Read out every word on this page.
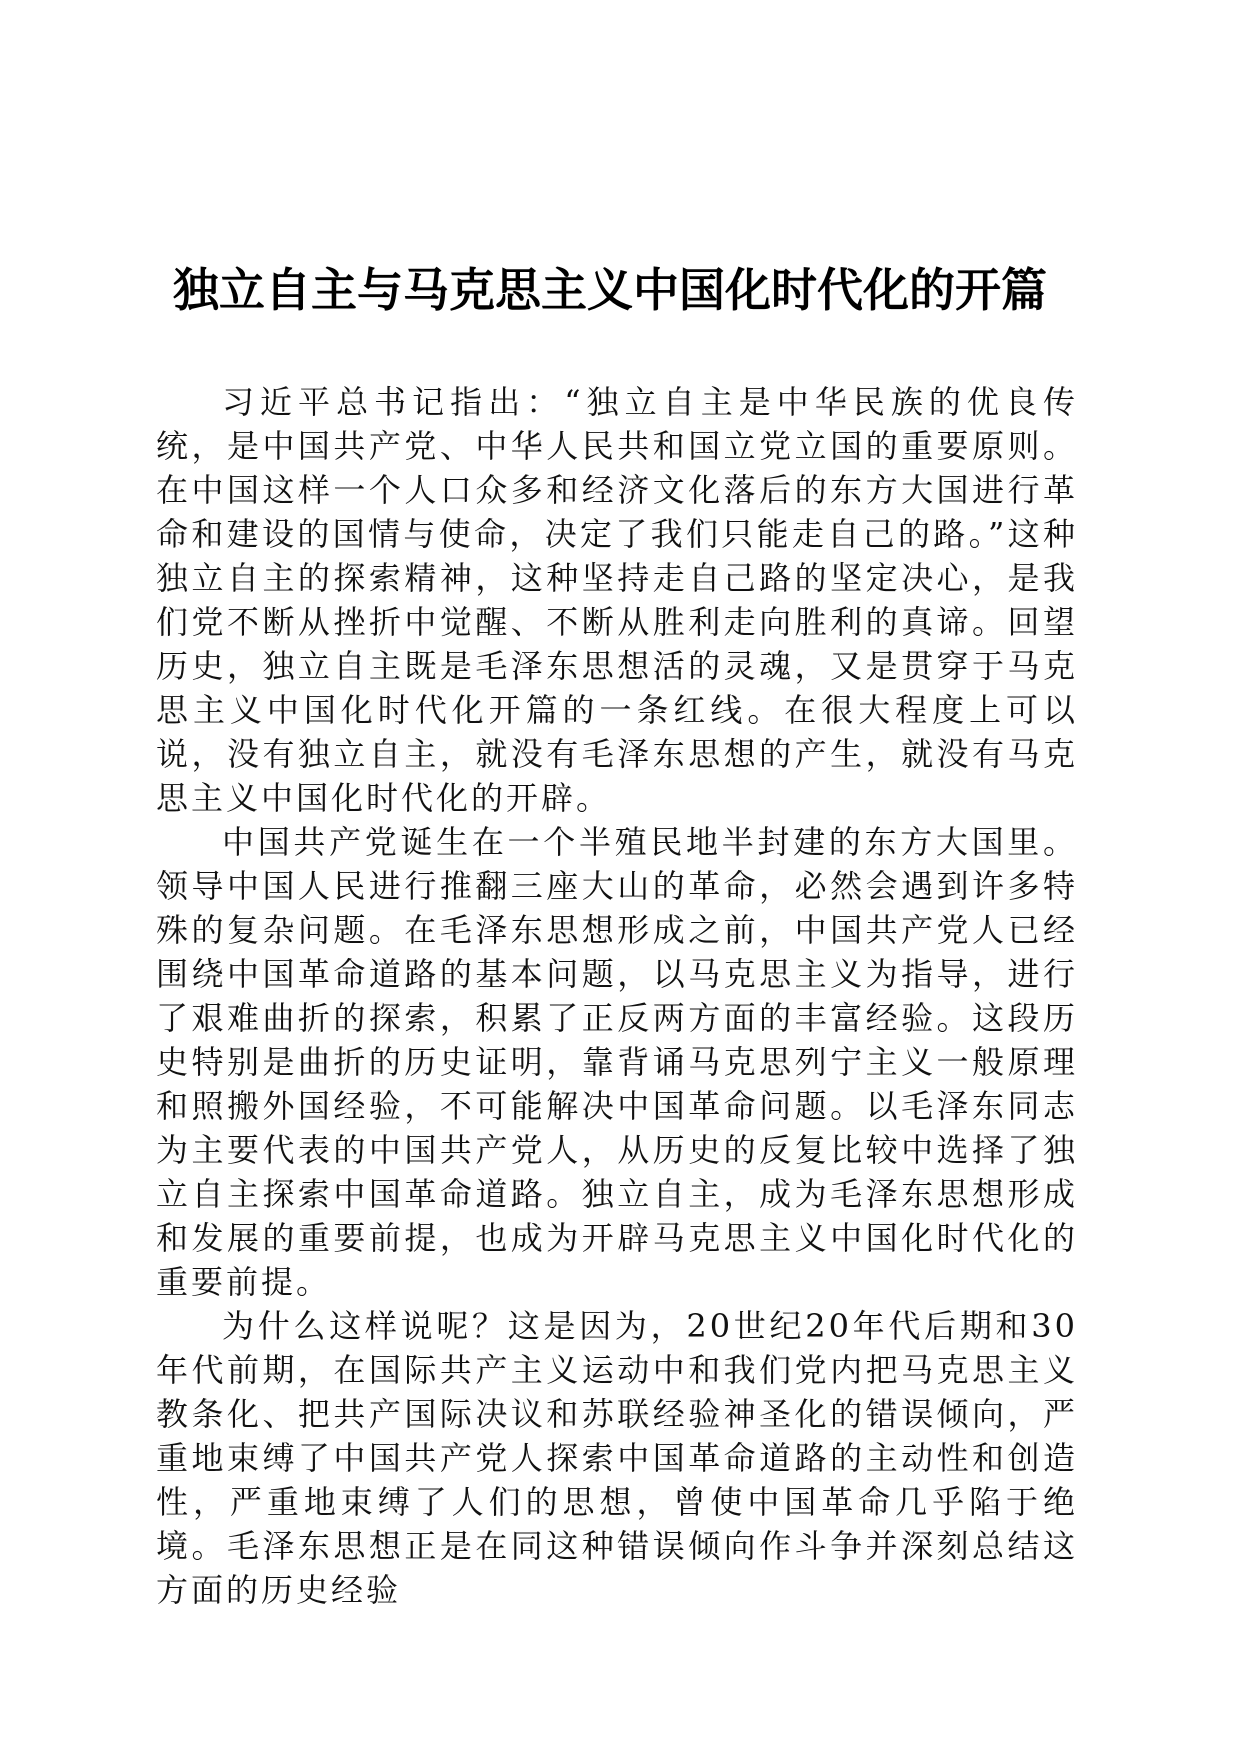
独立自主与马克思主义中国化时代化的开篇

习近平总书记指出：“独立自主是中华民族的优良传统，是中国共产党、中华人民共和国立党立国的重要原则。在中国这样一个人口众多和经济文化落后的东方大国进行革命和建设的国情与使命，决定了我们只能走自己的路。”这种独立自主的探索精神，这种坚持走自己路的坚定决心，是我们党不断从挫折中觉醒、不断从胜利走向胜利的真谛。回望历史，独立自主既是毛泽东思想活的灵魂，又是贯穿于马克思主义中国化时代化开篇的一条红线。在很大程度上可以说，没有独立自主，就没有毛泽东思想的产生，就没有马克思主义中国化时代化的开辟。

中国共产党诞生在一个半殖民地半封建的东方大国里。领导中国人民进行推翻三座大山的革命，必然会遇到许多特殊的复杂问题。在毛泽东思想形成之前，中国共产党人已经围绕中国革命道路的基本问题，以马克思主义为指导，进行了艰难曲折的探索，积累了正反两方面的丰富经验。这段历史特别是曲折的历史证明，靠背诵马克思列宁主义一般原理和照搬外国经验，不可能解决中国革命问题。以毛泽东同志为主要代表的中国共产党人，从历史的反复比较中选择了独立自主探索中国革命道路。独立自主，成为毛泽东思想形成和发展的重要前提，也成为开辟马克思主义中国化时代化的重要前提。

为什么这样说呢？这是因为，20世纪20年代后期和30年代前期，在国际共产主义运动中和我们党内把马克思主义教条化、把共产国际决议和苏联经验神圣化的错误倾向，严重地束缚了中国共产党人探索中国革命道路的主动性和创造性，严重地束缚了人们的思想，曾使中国革命几乎陷于绝境。毛泽东思想正是在同这种错误倾向作斗争并深刻总结这方面的历史经验
